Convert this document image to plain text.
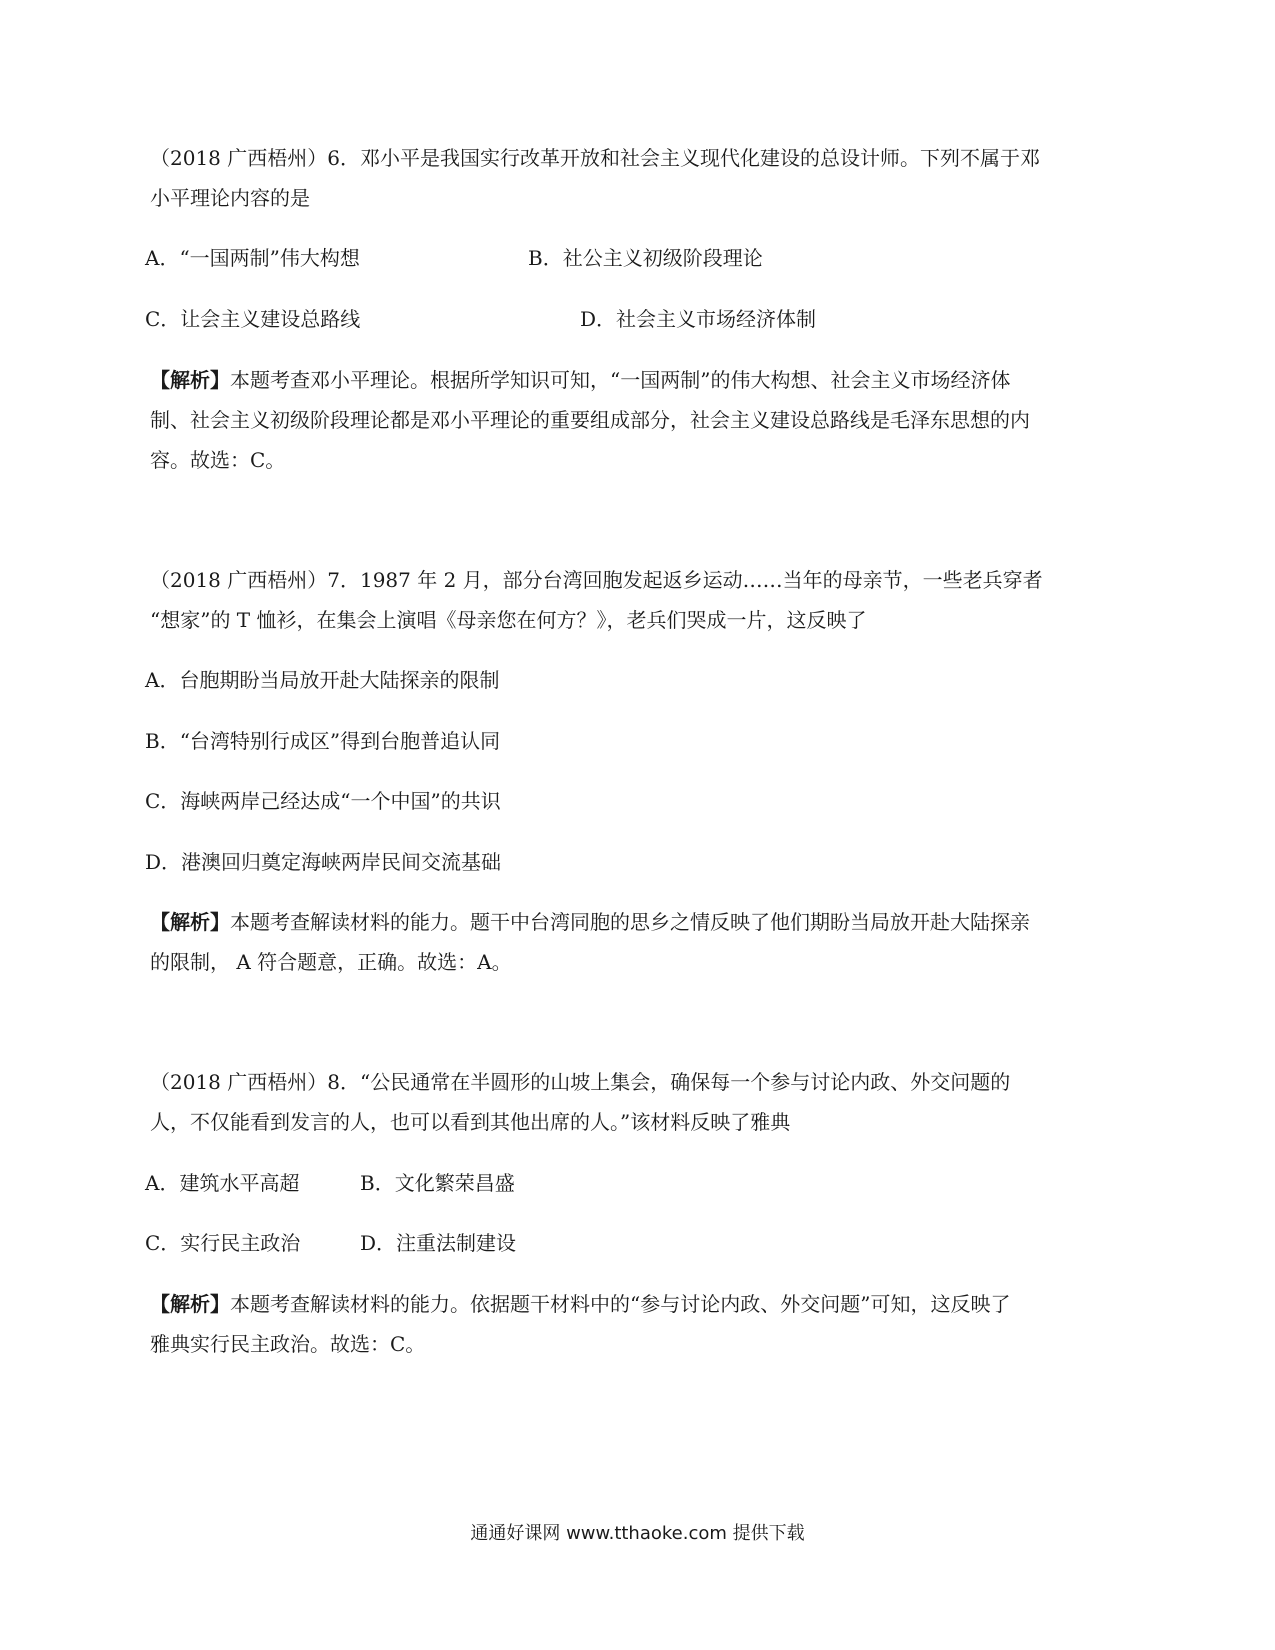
（2018 广西梧州）6．邓小平是我国实行改革开放和社会主义现代化建设的总设计师。下列不属于邓
小平理论内容的是
A．“一国两制”伟大构想	B．社公主义初级阶段理论
C．让会主义建设总路线	D．社会主义市场经济体制
【解析】本题考查邓小平理论。根据所学知识可知，“一国两制”的伟大构想、社会主义市场经济体
制、社会主义初级阶段理论都是邓小平理论的重要组成部分，社会主义建设总路线是毛泽东思想的内
容。故选：C。
（2018 广西梧州）7．1987 年 2 月，部分台湾回胞发起返乡运动……当年的母亲节，一些老兵穿者
“想家”的 T 恤衫，在集会上演唱《母亲您在何方？》，老兵们哭成一片，这反映了
A．台胞期盼当局放开赴大陆探亲的限制
B．“台湾特别行成区”得到台胞普追认同
C．海峡两岸己经达成“一个中国”的共识
D．港澳回归奠定海峡两岸民间交流基础
【解析】本题考查解读材料的能力。题干中台湾同胞的思乡之情反映了他们期盼当局放开赴大陆探亲
的限制， A 符合题意，正确。故选：A。
（2018 广西梧州）8．“公民通常在半圆形的山坡上集会，确保每一个参与讨论内政、外交问题的
人，不仅能看到发言的人，也可以看到其他出席的人。”该材料反映了雅典
A．建筑水平高超	B．文化繁荣昌盛
C．实行民主政治	D．注重法制建设
【解析】本题考查解读材料的能力。依据题干材料中的“参与讨论内政、外交问题”可知，这反映了
雅典实行民主政治。故选：C。
通通好课网 www.tthaoke.com 提供下载
